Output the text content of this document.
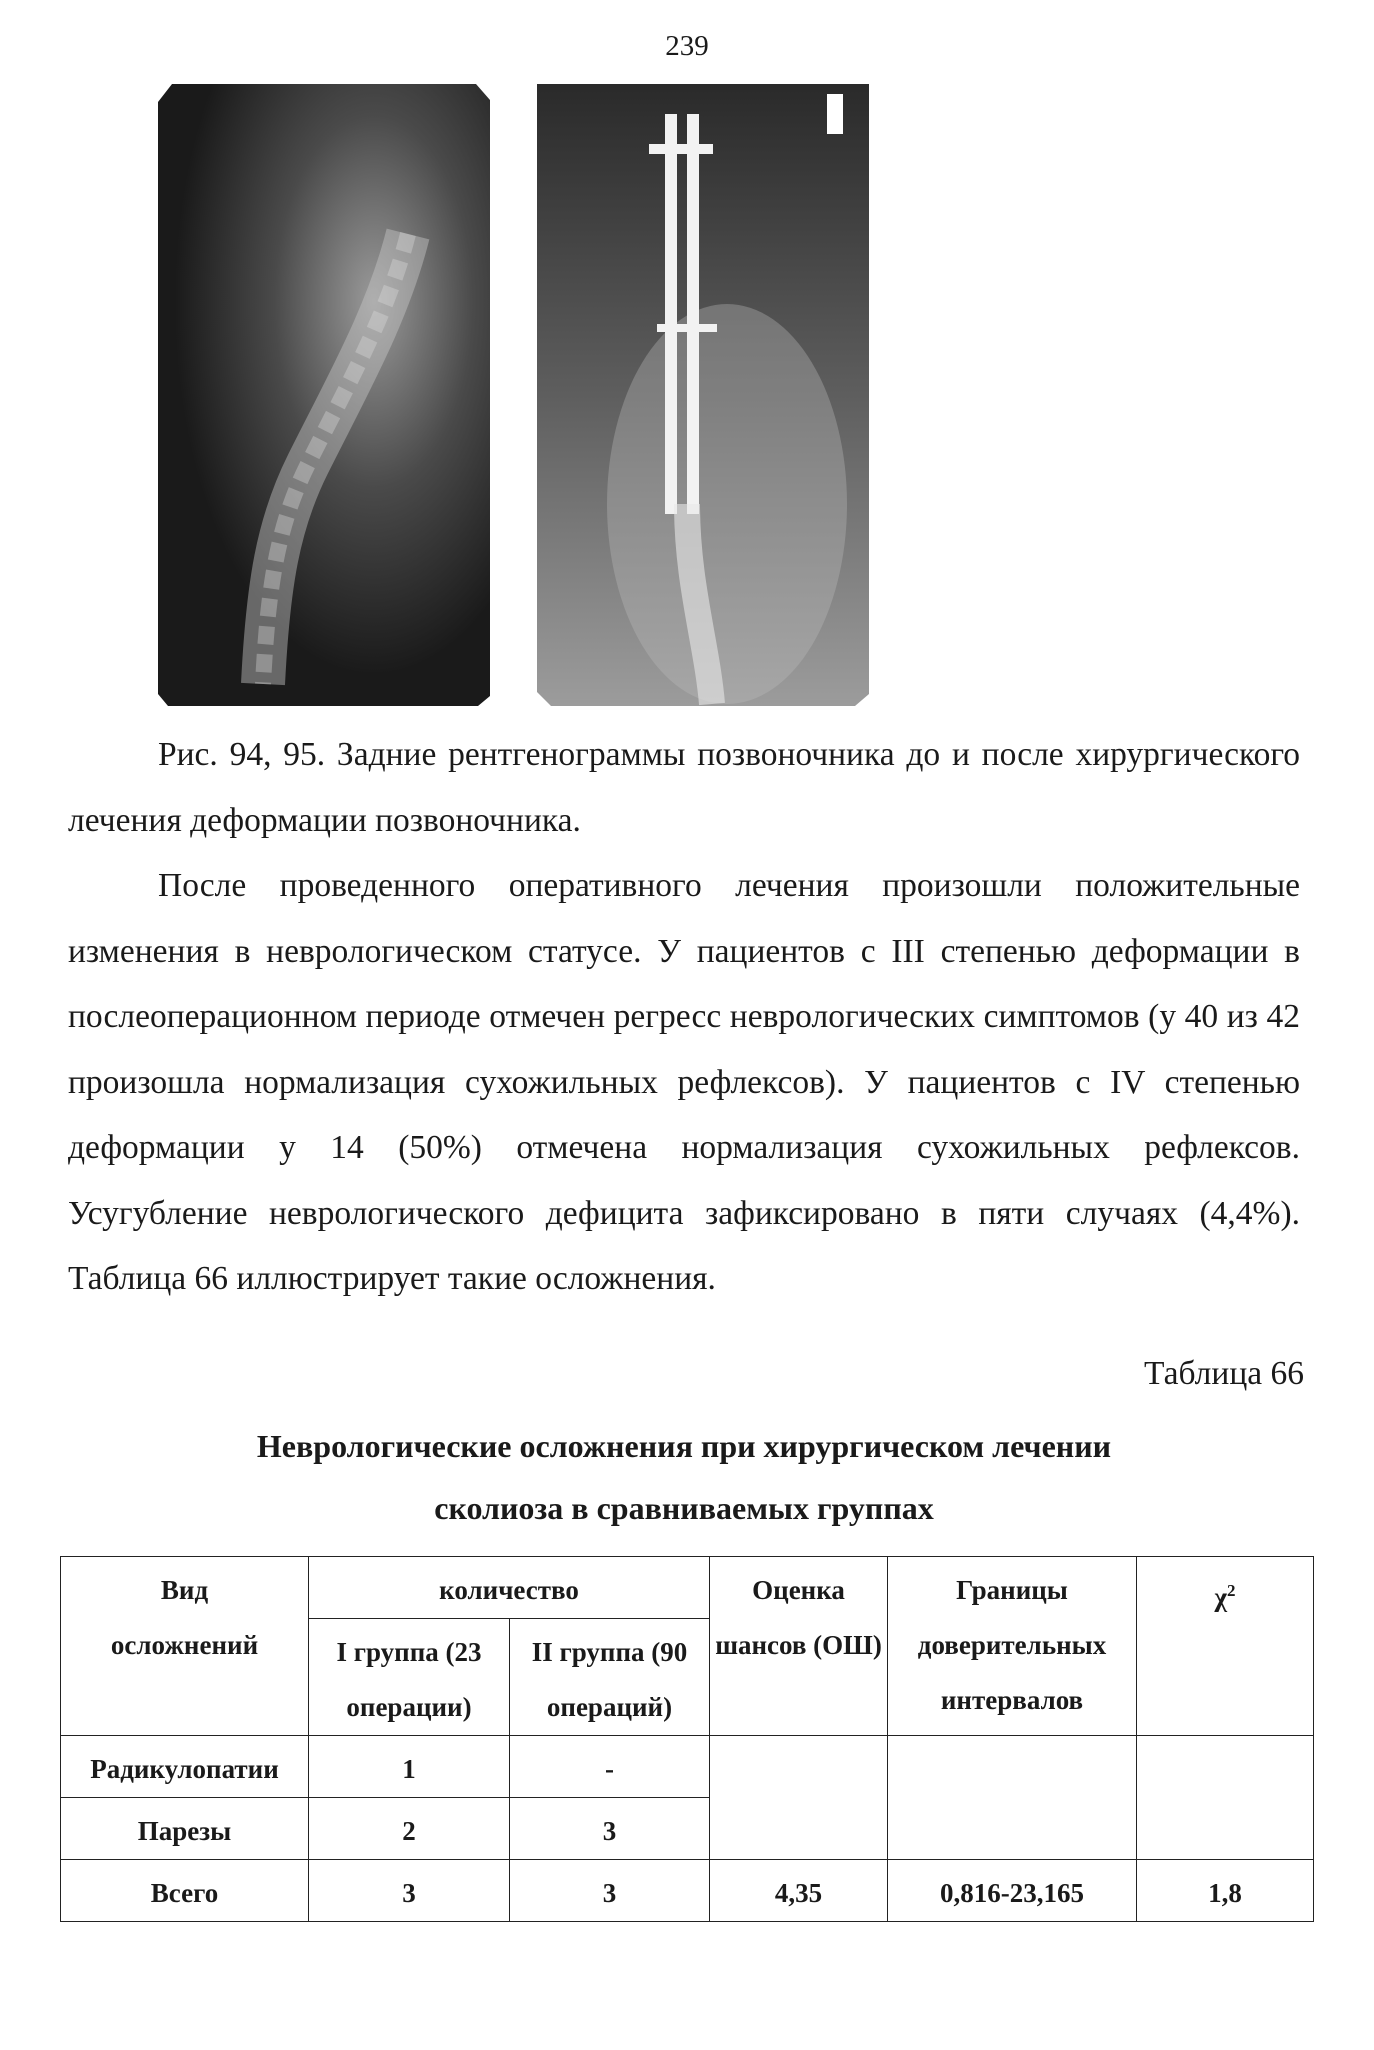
239
Рис. 94, 95. Задние рентгенограммы позвоночника до и после хирургического лечения деформации позвоночника.
После проведенного оперативного лечения произошли положительные изменения в неврологическом статусе. У пациентов с III степенью деформации в послеоперационном периоде отмечен регресс неврологических симптомов (у 40 из 42 произошла нормализация сухожильных рефлексов). У пациентов с IV степенью деформации у 14 (50%) отмечена нормализация сухожильных рефлексов. Усугубление неврологического дефицита зафиксировано в пяти случаях (4,4%). Таблица 66 иллюстрирует такие осложнения.
Таблица 66
Неврологические осложнения при хирургическом лечении
сколиоза в сравниваемых группах
Вид
осложнений	количество		Оценка шансов (ОШ)	Границы доверительных интервалов	$\chi^2$
	I группа (23 операции)	II группа (90 операций)			
Радикулопатии	1	-			
Парезы	2	3			
Всего	3	3	4,35	0,816-23,165	1,8
